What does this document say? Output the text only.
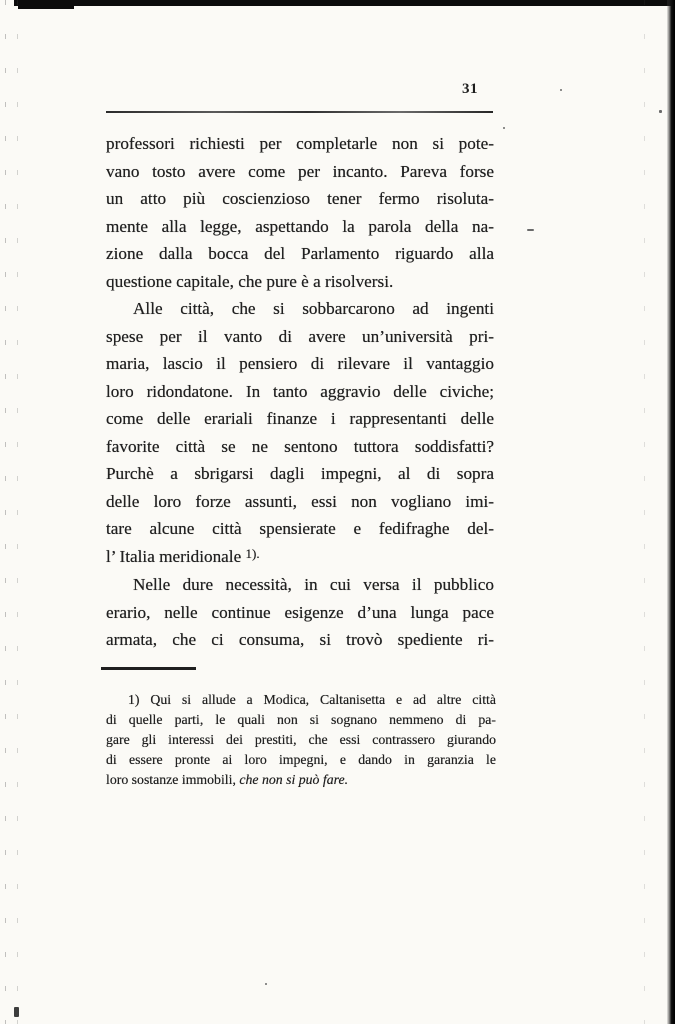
31
professori richiesti per completarle non si pote-
vano tosto avere come per incanto. Pareva forse
un atto più coscienzioso tener fermo risoluta-
mente alla legge, aspettando la parola della na-
zione dalla bocca del Parlamento riguardo alla
questione capitale, che pure è a risolversi.
Alle città, che si sobbarcarono ad ingenti
spese per il vanto di avere un’università pri-
maria, lascio il pensiero di rilevare il vantaggio
loro ridondatone. In tanto aggravio delle civiche;
come delle erariali finanze i rappresentanti delle
favorite città se ne sentono tuttora soddisfatti?
Purchè a sbrigarsi dagli impegni, al di sopra
delle loro forze assunti, essi non vogliano imi-
tare alcune città spensierate e fedifraghe del-
l’ Italia meridionale $^{1).}$
Nelle dure necessità, in cui versa il pubblico
erario, nelle continue esigenze d’una lunga pace
armata, che ci consuma, si trovò spediente ri-
1) Qui si allude a Modica, Caltanisetta e ad altre città
di quelle parti, le quali non si sognano nemmeno di pa-
gare gli interessi dei prestiti, che essi contrassero giurando
di essere pronte ai loro impegni, e dando in garanzia le
loro sostanze immobili, che non si può fare.
